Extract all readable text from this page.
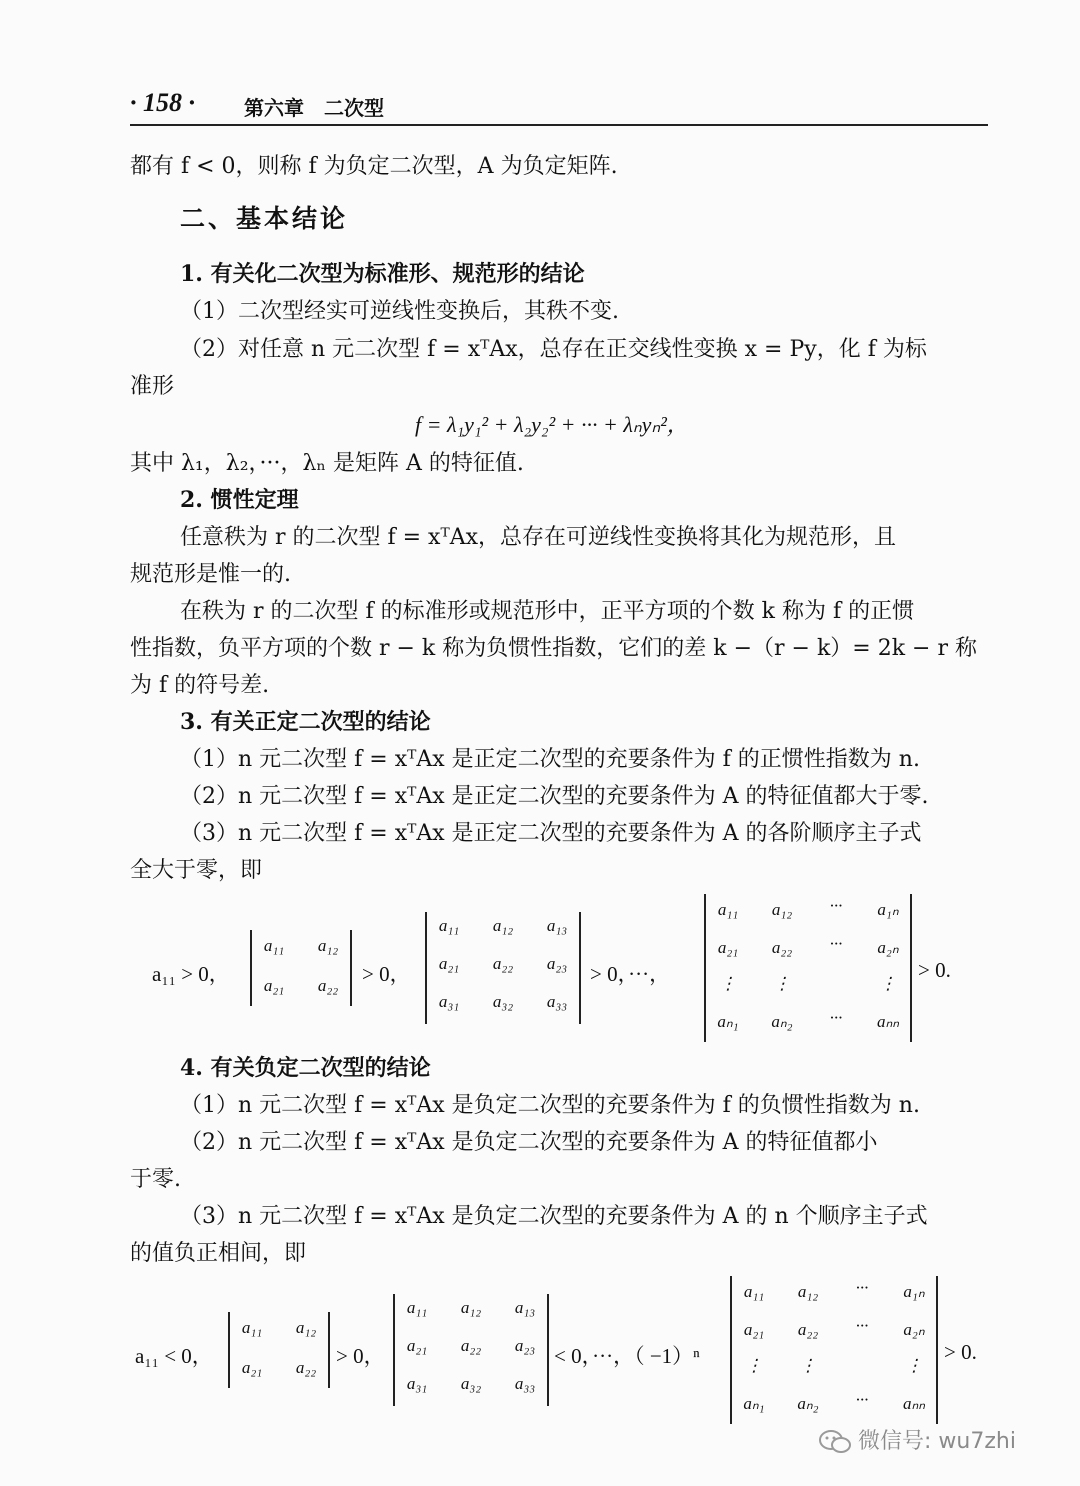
· 158 · 第六章　二次型
都有 f < 0，则称 f 为负定二次型，A 为负定矩阵.
二、基本结论
1. 有关化二次型为标准形、规范形的结论
（1）二次型经实可逆线性变换后，其秩不变.
（2）对任意 n 元二次型 f = xᵀAx，总存在正交线性变换 x = Py，化 f 为标
准形
f = λ₁y₁² + λ₂y₂² + ··· + λₙyₙ²，
其中 λ₁，λ₂，···，λₙ 是矩阵 A 的特征值.
2. 惯性定理
任意秩为 r 的二次型 f = xᵀAx，总存在可逆线性变换将其化为规范形，且
规范形是惟一的.
在秩为 r 的二次型 f 的标准形或规范形中，正平方项的个数 k 称为 f 的正惯
性指数，负平方项的个数 r − k 称为负惯性指数，它们的差 k −（r − k）= 2k − r 称
为 f 的符号差.
3. 有关正定二次型的结论
（1）n 元二次型 f = xᵀAx 是正定二次型的充要条件为 f 的正惯性指数为 n.
（2）n 元二次型 f = xᵀAx 是正定二次型的充要条件为 A 的特征值都大于零.
（3）n 元二次型 f = xᵀAx 是正定二次型的充要条件为 A 的各阶顺序主子式
全大于零，即
a₁₁ > 0，
a₁₁ a₁₂
a₂₁ a₂₂ > 0，
a₁₁ a₁₂ a₁₃
a₂₁ a₂₂ a₂₃
a₃₁ a₃₂ a₃₃
> 0，···，
a₁₁ a₁₂ ··· a₁ₙ
a₂₁ a₂₂ ··· a₂ₙ
⋮ ⋮	⋮
aₙ₁ aₙ₂ ··· aₙₙ
> 0.
4. 有关负定二次型的结论
（1）n 元二次型 f = xᵀAx 是负定二次型的充要条件为 f 的负惯性指数为 n.
（2）n 元二次型 f = xᵀAx 是负定二次型的充要条件为 A 的特征值都小
于零.
（3）n 元二次型 f = xᵀAx 是负定二次型的充要条件为 A 的 n 个顺序主子式
的值负正相间，即
a₁₁ < 0，
a₁₁ a₁₂
a₂₁ a₂₂ > 0，
a₁₁ a₁₂ a₁₃
a₂₁ a₂₂ a₂₃
a₃₁ a₃₂ a₃₃
< 0，···，（ −1）ⁿ
a₁₁ a₁₂ ··· a₁ₙ
a₂₁ a₂₂ ··· a₂ₙ
⋮ ⋮	⋮
aₙ₁ aₙ₂ ··· aₙₙ
> 0.
微信号: wu7zhi
